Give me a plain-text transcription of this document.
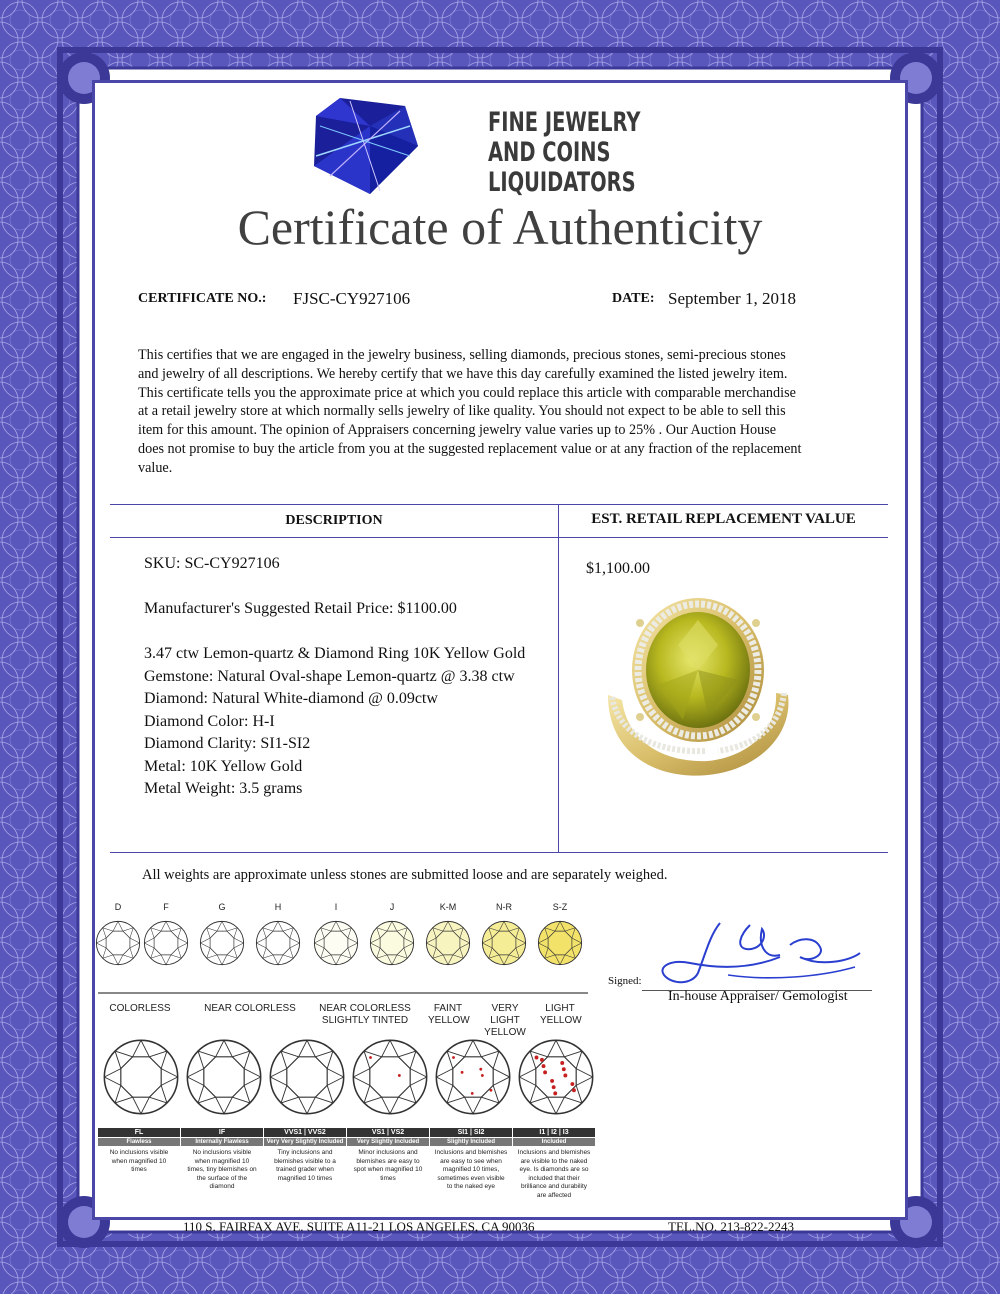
FINE JEWELRY
AND COINS
LIQUIDATORS
Certificate of Authenticity
CERTIFICATE NO.: FJSC-CY927106	DATE: September 1, 2018
This certifies that we are engaged in the jewelry business, selling diamonds, precious stones, semi-precious stones
and jewelry of all descriptions. We hereby certify that we have this day carefully examined the listed jewelry item.
This certificate tells you the approximate price at which you could replace this article with comparable merchandise
at a retail jewelry store at which normally sells jewelry of like quality. You should not expect to be able to sell this
item for this amount. The opinion of Appraisers concerning jewelry value varies up to 25% . Our Auction House
does not promise to buy the article from you at the suggested replacement value or at any fraction of the replacement
value.
DESCRIPTION	EST. RETAIL REPLACEMENT VALUE
SKU: SC-CY927106
Manufacturer's Suggested Retail Price: $1100.00
3.47 ctw Lemon-quartz & Diamond Ring 10K Yellow Gold
Gemstone: Natural Oval-shape Lemon-quartz @ 3.38 ctw
Diamond: Natural White-diamond @ 0.09ctw
Diamond Color: H-I
Diamond Clarity: SI1-SI2
Metal: 10K Yellow Gold
Metal Weight: 3.5 grams
$1,100.00
All weights are approximate unless stones are submitted loose and are separately weighed.
D	F	G	H	I	J	K-M	N-R	S-Z
COLORLESS	NEAR COLORLESS	NEAR COLORLESS
SLIGHTLY TINTED
FAINT
YELLOW
VERY LIGHT
YELLOW
LIGHT
YELLOW
FL
Flawless
No inclusions visible
when magnified 10
times
IF
Internally Flawless
No inclusions visible
when magnified 10
times, tiny blemishes on
the surface of the
diamond
VVS1 | VVS2
Very Very Slightly Included
Tiny inclusions and
blemishes visible to a
trained grader when
magnified 10 times
VS1 | VS2
Very Slightly Included
Minor inclusions and
blemishes are easy to
spot when magnified 10
times
SI1 | SI2
Slightly Included
Inclusions and blemishes
are easy to see when
magnified 10 times,
sometimes even visible
to the naked eye
I1 | I2 | I3
Included
Inclusions and blemishes
are visible to the naked
eye. Is diamonds are so
included that their
brilliance and durability
are affected
Signed:
In-house Appraiser/ Gemologist
110 S. FAIRFAX AVE. SUITE A11-21 LOS ANGELES, CA 90036	TEL.NO. 213-822-2243
